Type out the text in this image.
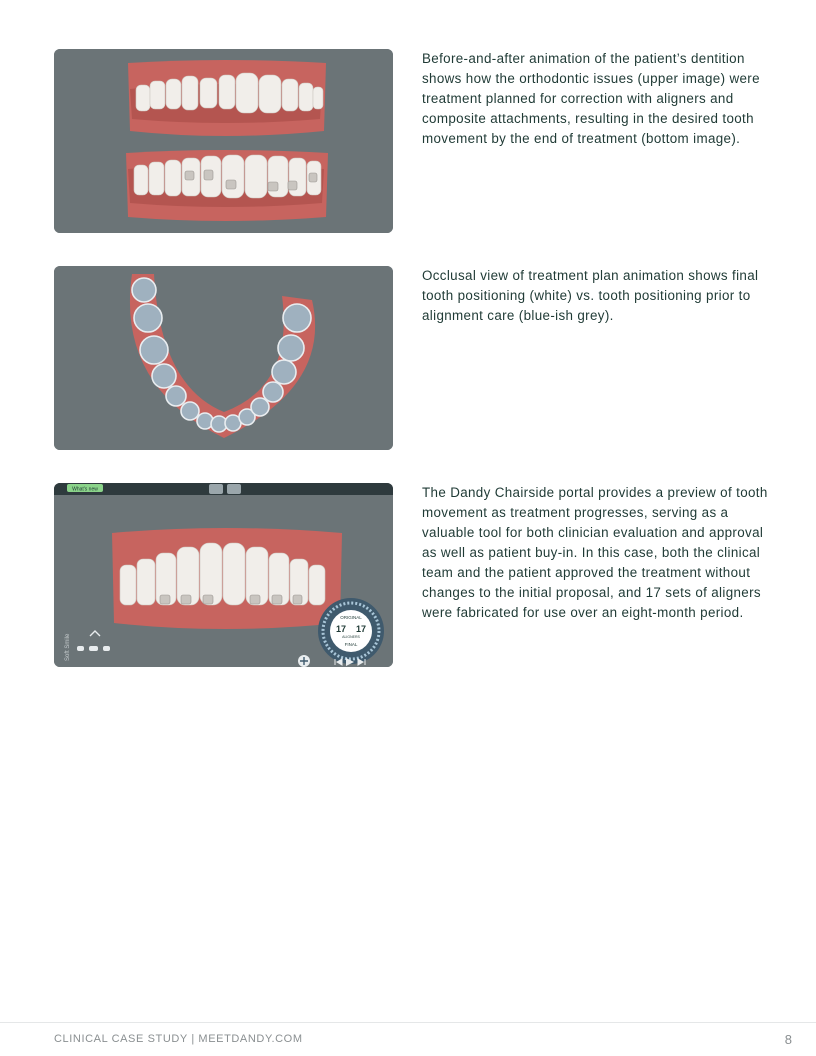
Before-and-after animation of the patient’s dentition shows how the orthodontic issues (upper image) were treatment planned for correction with aligners and composite attachments, resulting in the desired tooth movement by the end of treatment (bottom image).
Occlusal view of treatment plan animation shows final tooth positioning (white) vs. tooth positioning prior to alignment care (blue-ish grey).
What's new
Soft Smile
ORIGINAL
17 17
ALIGNERS
FINAL
The Dandy Chairside portal provides a preview of tooth movement as treatment progresses, serving as a valuable tool for both clinician evaluation and approval as well as patient buy-in. In this case, both the clinical team and the patient approved the treatment without changes to the initial proposal, and 17 sets of aligners were fabricated for use over an eight-month period.
CLINICAL CASE STUDY | MEETDANDY.COM	8
